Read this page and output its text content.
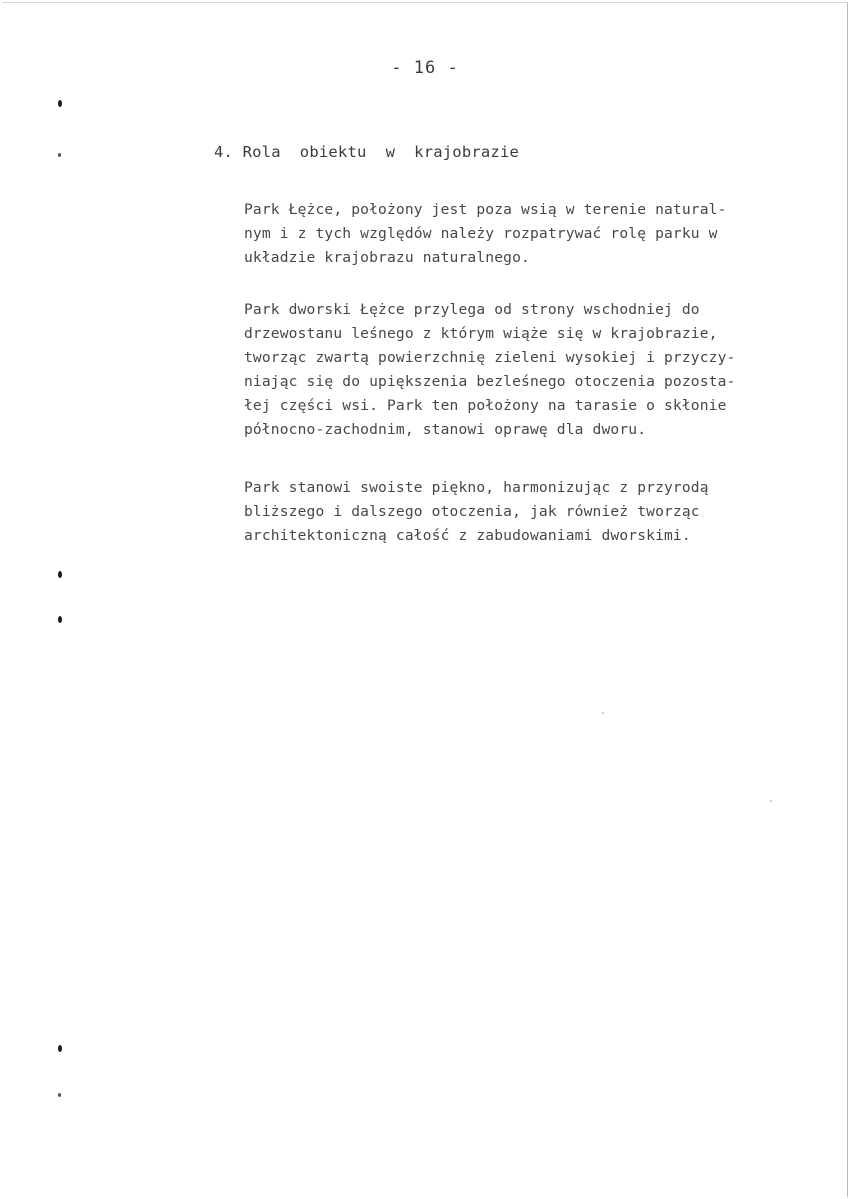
- 16 -
4. Rola  obiektu  w  krajobrazie
Park Łężce, położony jest poza wsią w terenie natural-
nym i z tych względów należy rozpatrywać rolę parku w
układzie krajobrazu naturalnego.
Park dworski Łężce przylega od strony wschodniej do
drzewostanu leśnego z którym wiąże się w krajobrazie,
tworząc zwartą powierzchnię zieleni wysokiej i przyczy-
niając się do upiększenia bezleśnego otoczenia pozosta-
łej części wsi. Park ten położony na tarasie o skłonie
północno-zachodnim, stanowi oprawę dla dworu.
Park stanowi swoiste piękno, harmonizując z przyrodą
bliższego i dalszego otoczenia, jak również tworząc
architektoniczną całość z zabudowaniami dworskimi.
